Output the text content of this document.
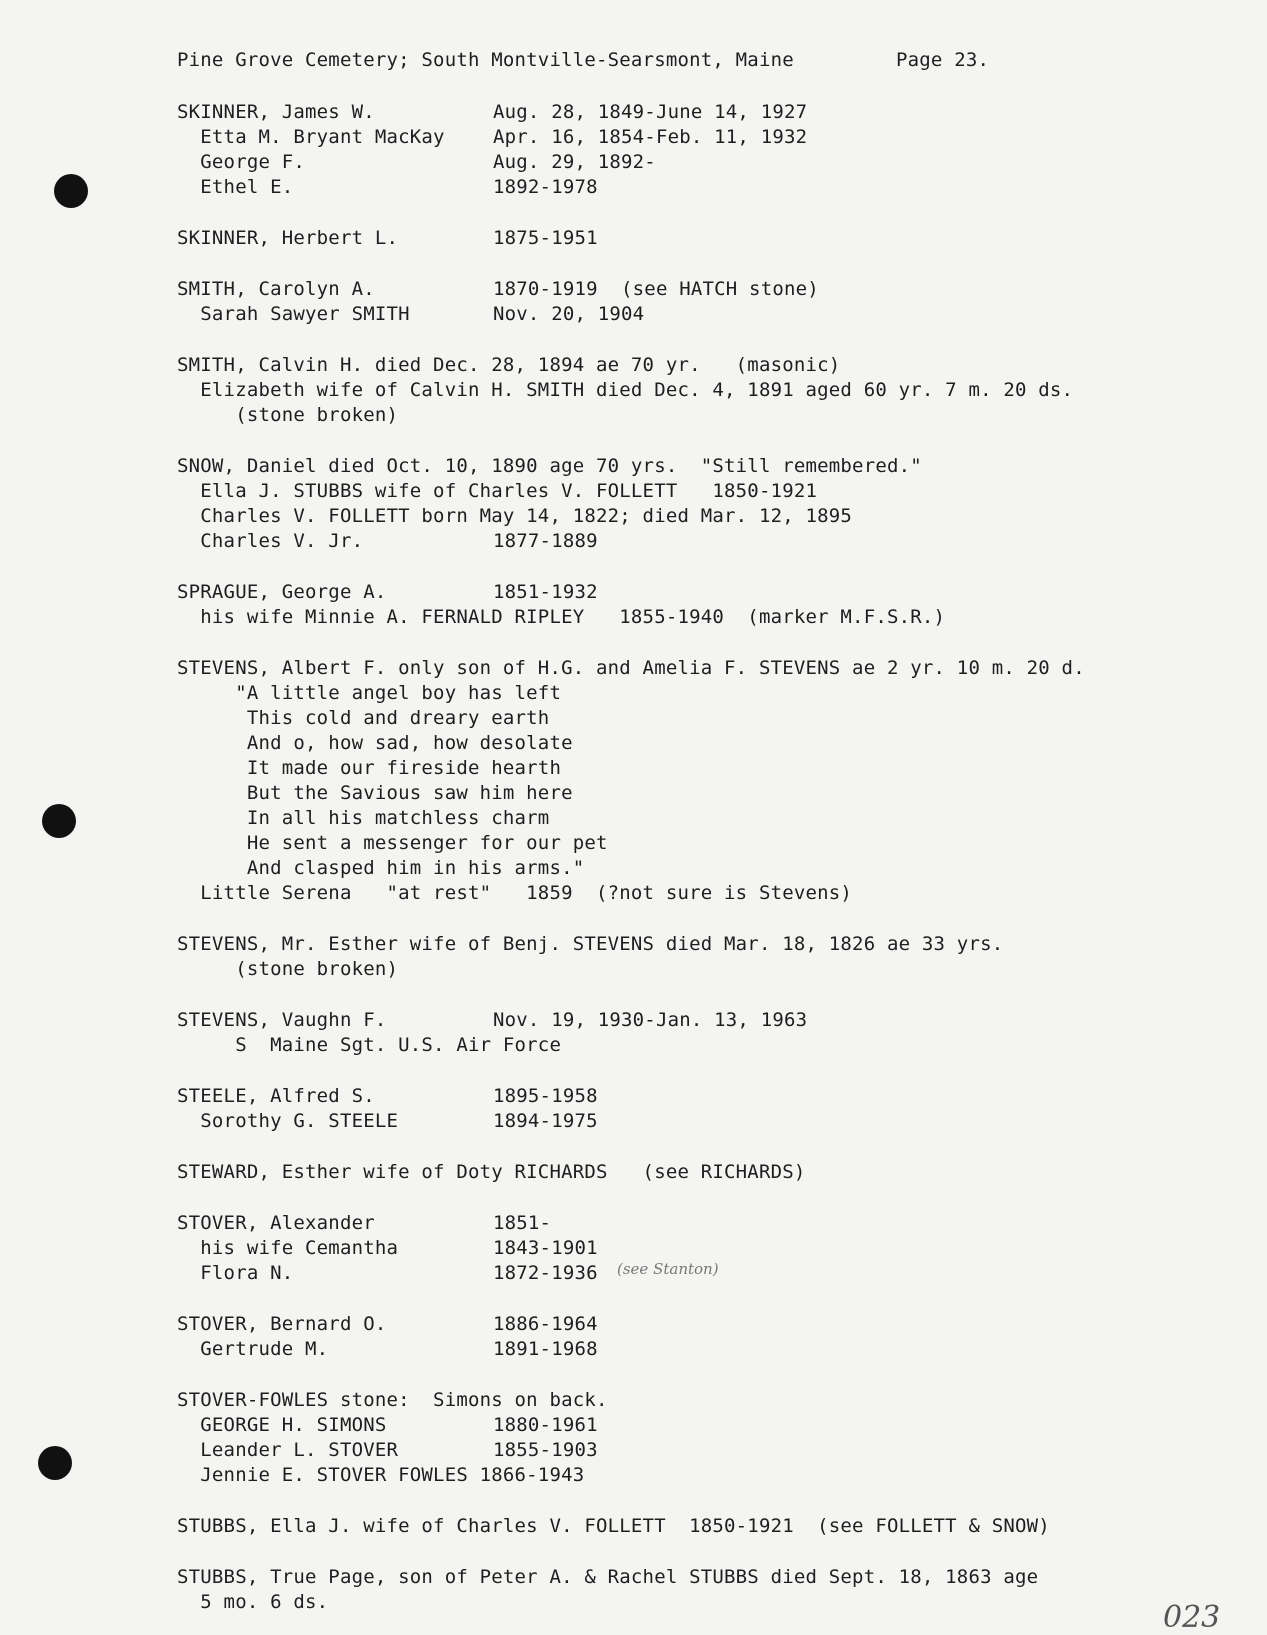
Pine Grove Cemetery; South Montville-Searsmont, Maine	Page 23.
SKINNER, James W.	Aug. 28, 1849-June 14, 1927
Etta M. Bryant MacKay	Apr. 16, 1854-Feb. 11, 1932
George F.	Aug. 29, 1892-
Ethel E.	1892-1978
SKINNER, Herbert L.	1875-1951
SMITH, Carolyn A.	1870-1919  (see HATCH stone)
Sarah Sawyer SMITH	Nov. 20, 1904
SMITH, Calvin H. died Dec. 28, 1894 ae 70 yr.   (masonic)
Elizabeth wife of Calvin H. SMITH died Dec. 4, 1891 aged 60 yr. 7 m. 20 ds.
(stone broken)
SNOW, Daniel died Oct. 10, 1890 age 70 yrs.  "Still remembered."
Ella J. STUBBS wife of Charles V. FOLLETT   1850-1921
Charles V. FOLLETT born May 14, 1822; died Mar. 12, 1895
Charles V. Jr.	1877-1889
SPRAGUE, George A.	1851-1932
his wife Minnie A. FERNALD RIPLEY   1855-1940  (marker M.F.S.R.)
STEVENS, Albert F. only son of H.G. and Amelia F. STEVENS ae 2 yr. 10 m. 20 d.
"A little angel boy has left
This cold and dreary earth
And o, how sad, how desolate
It made our fireside hearth
But the Savious saw him here
In all his matchless charm
He sent a messenger for our pet
And clasped him in his arms."
Little Serena   "at rest"   1859  (?not sure is Stevens)
STEVENS, Mr. Esther wife of Benj. STEVENS died Mar. 18, 1826 ae 33 yrs.
(stone broken)
STEVENS, Vaughn F.	Nov. 19, 1930-Jan. 13, 1963
S  Maine Sgt. U.S. Air Force
STEELE, Alfred S.	1895-1958
Sorothy G. STEELE	1894-1975
STEWARD, Esther wife of Doty RICHARDS   (see RICHARDS)
STOVER, Alexander	1851-
his wife Cemantha	1843-1901
Flora N.	1872-1936
STOVER, Bernard O.	1886-1964
Gertrude M.	1891-1968
STOVER-FOWLES stone:  Simons on back.
GEORGE H. SIMONS	1880-1961
Leander L. STOVER	1855-1903
Jennie E. STOVER FOWLES 1866-1943
STUBBS, Ella J. wife of Charles V. FOLLETT  1850-1921  (see FOLLETT & SNOW)
STUBBS, True Page, son of Peter A. & Rachel STUBBS died Sept. 18, 1863 age
5 mo. 6 ds.
(see Stanton)
023
